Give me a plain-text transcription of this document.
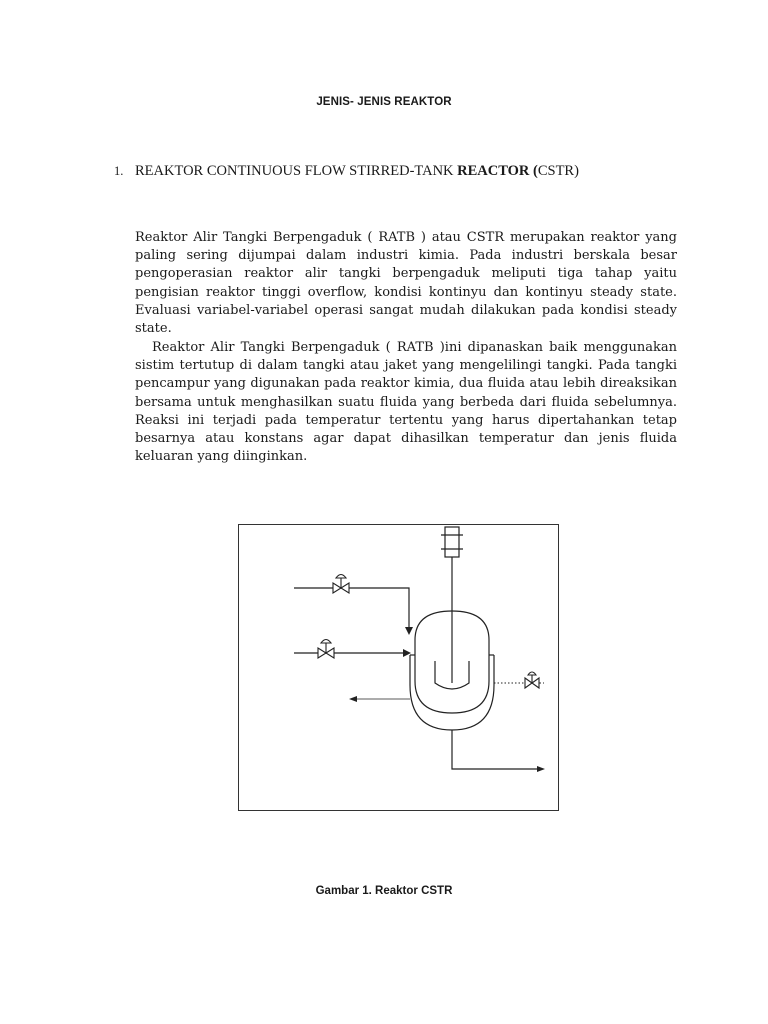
JENIS- JENIS REAKTOR
1. REAKTOR CONTINUOUS FLOW STIRRED-TANK REACTOR (CSTR)

Reaktor Alir Tangki Berpengaduk ( RATB ) atau CSTR merupakan reaktor yang paling sering dijumpai dalam industri kimia. Pada industri berskala besar pengoperasian reaktor alir tangki berpengaduk meliputi tiga tahap yaitu pengisian reaktor tinggi overflow, kondisi kontinyu dan kontinyu steady state. Evaluasi variabel-variabel operasi sangat mudah dilakukan pada kondisi steady state.

Reaktor Alir Tangki Berpengaduk ( RATB )ini dipanaskan baik menggunakan sistim tertutup di dalam tangki atau jaket yang mengelilingi tangki. Pada tangki pencampur yang digunakan pada reaktor kimia, dua fluida atau lebih direaksikan bersama untuk menghasilkan suatu fluida yang berbeda dari fluida sebelumnya. Reaksi ini terjadi pada temperatur tertentu yang harus dipertahankan tetap besarnya atau konstans agar dapat dihasilkan temperatur dan jenis fluida keluaran yang diinginkan.

Gambar 1. Reaktor CSTR
